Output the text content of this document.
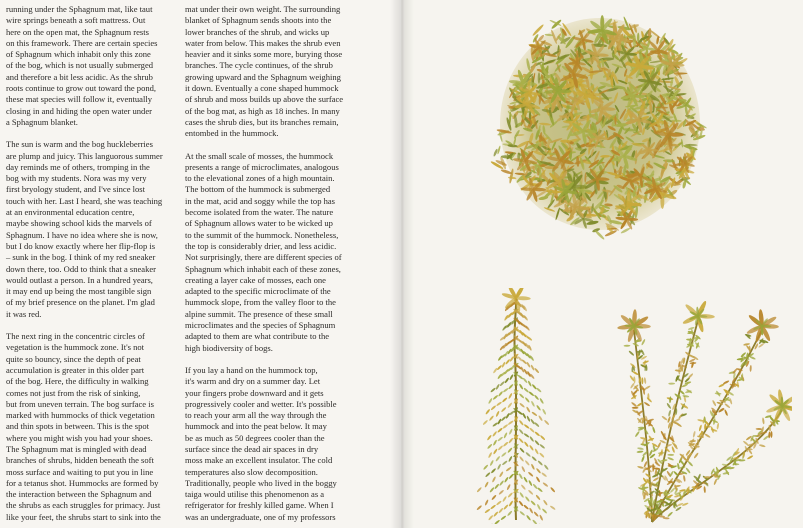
running under the Sphagnum mat, like taut
wire springs beneath a soft mattress. Out
here on the open mat, the Sphagnum rests
on this framework. There are certain species
of Sphagnum which inhabit only this zone
of the bog, which is not usually submerged
and therefore a bit less acidic. As the shrub
roots continue to grow out toward the pond,
these mat species will follow it, eventually
closing in and hiding the open water under
a Sphagnum blanket.

The sun is warm and the bog huckleberries
are plump and juicy. This languorous summer
day reminds me of others, tromping in the
bog with my students. Nora was my very
first bryology student, and I've since lost
touch with her. Last I heard, she was teaching
at an environmental education centre,
maybe showing school kids the marvels of
Sphagnum. I have no idea where she is now,
but I do know exactly where her flip-flop is
– sunk in the bog. I think of my red sneaker
down there, too. Odd to think that a sneaker
would outlast a person. In a hundred years,
it may end up being the most tangible sign
of my brief presence on the planet. I'm glad
it was red.

The next ring in the concentric circles of
vegetation is the hummock zone. It's not
quite so bouncy, since the depth of peat
accumulation is greater in this older part
of the bog. Here, the difficulty in walking
comes not just from the risk of sinking,
but from uneven terrain. The bog surface is
marked with hummocks of thick vegetation
and thin spots in between. This is the spot
where you might wish you had your shoes.
The Sphagnum mat is mingled with dead
branches of shrubs, hidden beneath the soft
moss surface and waiting to put you in line
for a tetanus shot. Hummocks are formed by
the interaction between the Sphagnum and
the shrubs as each struggles for primacy. Just
like your feet, the shrubs start to sink into the

mat under their own weight. The surrounding
blanket of Sphagnum sends shoots into the
lower branches of the shrub, and wicks up
water from below. This makes the shrub even
heavier and it sinks some more, burying those
branches. The cycle continues, of the shrub
growing upward and the Sphagnum weighing
it down. Eventually a cone shaped hummock
of shrub and moss builds up above the surface
of the bog mat, as high as 18 inches. In many
cases the shrub dies, but its branches remain,
entombed in the hummock.

At the small scale of mosses, the hummock
presents a range of microclimates, analogous
to the elevational zones of a high mountain.
The bottom of the hummock is submerged
in the mat, acid and soggy while the top has
become isolated from the water. The nature
of Sphagnum allows water to be wicked up
to the summit of the hummock. Nonetheless,
the top is considerably drier, and less acidic.
Not surprisingly, there are different species of
Sphagnum which inhabit each of these zones,
creating a layer cake of mosses, each one
adapted to the specific microclimate of the
hummock slope, from the valley floor to the
alpine summit. The presence of these small
microclimates and the species of Sphagnum
adapted to them are what contribute to the
high biodiversity of bogs.

If you lay a hand on the hummock top,
it's warm and dry on a summer day. Let
your fingers probe downward and it gets
progressively cooler and wetter. It's possible
to reach your arm all the way through the
hummock and into the peat below. It may
be as much as 50 degrees cooler than the
surface since the dead air spaces in dry
moss make an excellent insulator. The cold
temperatures also slow decomposition.
Traditionally, people who lived in the boggy
taiga would utilise this phenomenon as a
refrigerator for freshly killed game. When I
was an undergraduate, one of my professors
